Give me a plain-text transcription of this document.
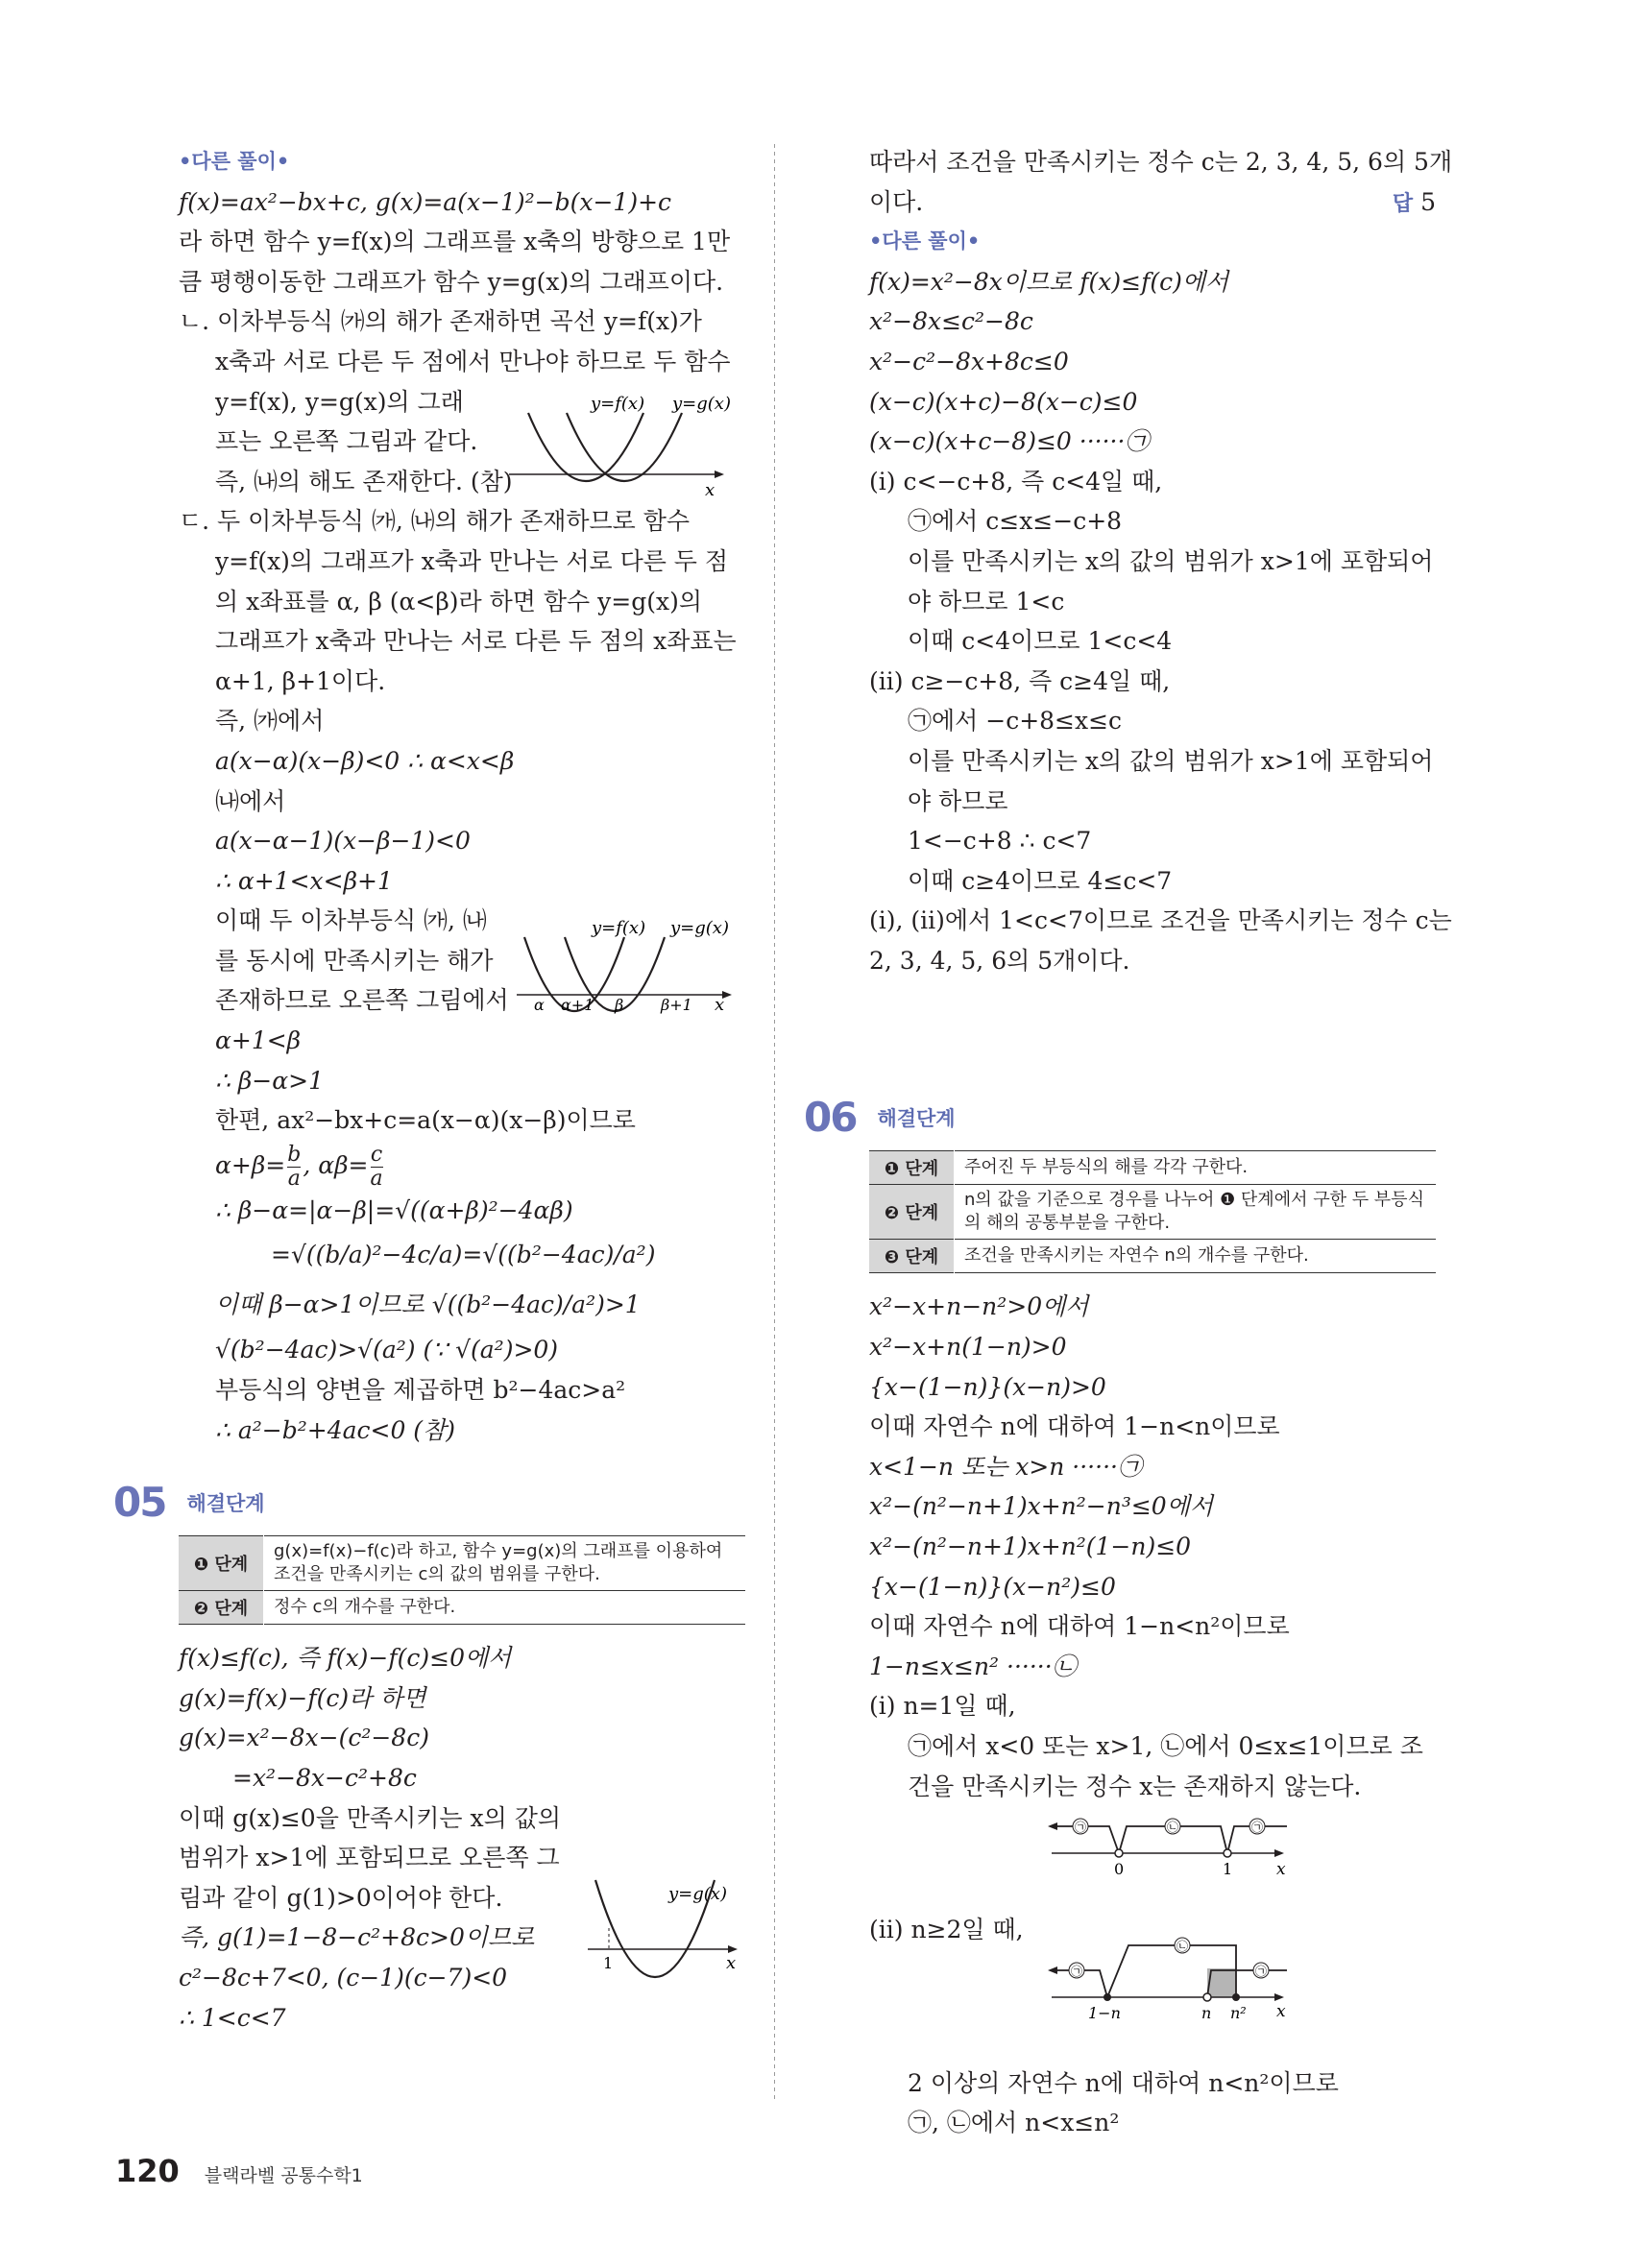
•다른 풀이•
f(x)=ax²−bx+c, g(x)=a(x−1)²−b(x−1)+c
라 하면 함수 y=f(x)의 그래프를 x축의 방향으로 1만
큼 평행이동한 그래프가 함수 y=g(x)의 그래프이다.
ㄴ. 이차부등식 ㈎의 해가 존재하면 곡선 y=f(x)가
x축과 서로 다른 두 점에서 만나야 하므로 두 함수
y=f(x), y=g(x)의 그래
프는 오른쪽 그림과 같다.
즉, ㈏의 해도 존재한다. (참)
ㄷ. 두 이차부등식 ㈎, ㈏의 해가 존재하므로 함수
y=f(x)의 그래프가 x축과 만나는 서로 다른 두 점
의 x좌표를 α, β (α<β)라 하면 함수 y=g(x)의
그래프가 x축과 만나는 서로 다른 두 점의 x좌표는
α+1, β+1이다.
즉, ㈎에서
a(x−α)(x−β)<0 ∴ α<x<β
㈏에서
a(x−α−1)(x−β−1)<0
∴ α+1<x<β+1
이때 두 이차부등식 ㈎, ㈏
를 동시에 만족시키는 해가
존재하므로 오른쪽 그림에서
α+1<β
∴ β−α>1
한편, ax²−bx+c=a(x−α)(x−β)이므로
$\alpha+\beta= \frac{b}{a}$ , $\alpha\beta= \frac{c}{a}$
∴ β−α=|α−β|=√((α+β)²−4αβ)
=√((b/a)²−4c/a)=√((b²−4ac)/a²)
이때 β−α>1이므로 √((b²−4ac)/a²)>1
√(b²−4ac)>√(a²) (∵ √(a²)>0)
부등식의 양변을 제곱하면 b²−4ac>a²
∴ a²−b²+4ac<0 (참)
05 해결단계
❶ 단계	g(x)=f(x)−f(c)라 하고, 함수 y=g(x)의 그래프를 이용하여 조건을 만족시키는 c의 값의 범위를 구한다.
❷ 단계	정수 c의 개수를 구한다.
f(x)≤f(c), 즉 f(x)−f(c)≤0에서
g(x)=f(x)−f(c)라 하면
g(x)=x²−8x−(c²−8c)
=x²−8x−c²+8c
이때 g(x)≤0을 만족시키는 x의 값의
범위가 x>1에 포함되므로 오른쪽 그
림과 같이 g(1)>0이어야 한다.
즉, g(1)=1−8−c²+8c>0이므로
c²−8c+7<0, (c−1)(c−7)<0
∴ 1<c<7
y=f(x) y=g(x)
x
y=f(x) y=g(x)
α α+1 β β+1 x
y=g(x)
1	x
따라서 조건을 만족시키는 정수 c는 2, 3, 4, 5, 6의 5개
이다.	답 5
•다른 풀이•
f(x)=x²−8x이므로 f(x)≤f(c)에서
x²−8x≤c²−8c
x²−c²−8x+8c≤0
(x−c)(x+c)−8(x−c)≤0
(x−c)(x+c−8)≤0 ······㉠
(ⅰ) c<−c+8, 즉 c<4일 때,
㉠에서 c≤x≤−c+8
이를 만족시키는 x의 값의 범위가 x>1에 포함되어
야 하므로 1<c
이때 c<4이므로 1<c<4
(ⅱ) c≥−c+8, 즉 c≥4일 때,
㉠에서 −c+8≤x≤c
이를 만족시키는 x의 값의 범위가 x>1에 포함되어
야 하므로
1<−c+8 ∴ c<7
이때 c≥4이므로 4≤c<7
(ⅰ), (ⅱ)에서 1<c<7이므로 조건을 만족시키는 정수 c는
2, 3, 4, 5, 6의 5개이다.
06 해결단계
❶ 단계	주어진 두 부등식의 해를 각각 구한다.
❷ 단계	n의 값을 기준으로 경우를 나누어 ❶ 단계에서 구한 두 부등식의 해의 공통부분을 구한다.
❸ 단계	조건을 만족시키는 자연수 n의 개수를 구한다.
x²−x+n−n²>0에서
x²−x+n(1−n)>0
{x−(1−n)}(x−n)>0
이때 자연수 n에 대하여 1−n<n이므로
x<1−n 또는 x>n ······㉠
x²−(n²−n+1)x+n²−n³≤0에서
x²−(n²−n+1)x+n²(1−n)≤0
{x−(1−n)}(x−n²)≤0
이때 자연수 n에 대하여 1−n<n²이므로
1−n≤x≤n² ······㉡
(ⅰ) n=1일 때,
㉠에서 x<0 또는 x>1, ㉡에서 0≤x≤1이므로 조
건을 만족시키는 정수 x는 존재하지 않는다.
(ⅱ) n≥2일 때,
2 이상의 자연수 n에 대하여 n<n²이므로
㉠, ㉡에서 n<x≤n²
㉠	㉡	㉠
0	1	x
㉠
㉡
㉠
1−n	n n² x
120 블랙라벨 공통수학1
